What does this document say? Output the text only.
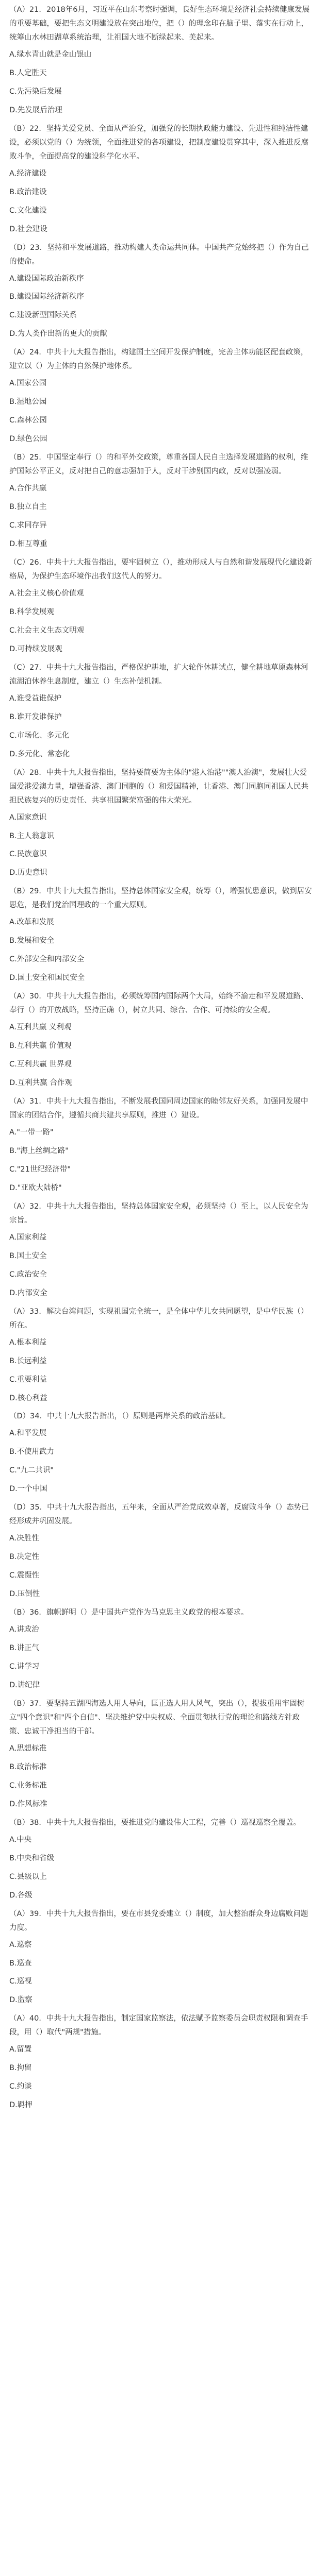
（A）21．2018年6月，习近平在山东考察时强调，良好生态环境是经济社会持续健康发展的重要基础，要把生态文明建设放在突出地位，把（）的理念印在脑子里、落实在行动上，统筹山水林田湖草系统治理，让祖国大地不断绿起来、美起来。

A.绿水青山就是金山银山

B.人定胜天

C.先污染后发展

D.先发展后治理

（B）22．坚持关爱党员、全面从严治党，加强党的长期执政能力建设、先进性和纯洁性建设，必须以党的（）为统领，全面推进党的各项建设，把制度建设贯穿其中，深入推进反腐败斗争，全面提高党的建设科学化水平。

A.经济建设

B.政治建设

C.文化建设

D.社会建设

（D）23．坚持和平发展道路，推动构建人类命运共同体。中国共产党始终把（）作为自己的使命。

A.建设国际政治新秩序

B.建设国际经济新秩序

C.建设新型国际关系

D.为人类作出新的更大的贡献

（A）24．中共十九大报告指出，构建国土空间开发保护制度，完善主体功能区配套政策，建立以（）为主体的自然保护地体系。

A.国家公园

B.湿地公园

C.森林公园

D.绿色公园

（B）25．中国坚定奉行（）的和平外交政策，尊重各国人民自主选择发展道路的权利，维护国际公平正义，反对把自己的意志强加于人，反对干涉别国内政，反对以强凌弱。

A.合作共赢

B.独立自主

C.求同存异

D.相互尊重

（C）26．中共十九大报告指出，要牢固树立（），推动形成人与自然和谐发展现代化建设新格局，为保护生态环境作出我们这代人的努力。

A.社会主义核心价值观

B.科学发展观

C.社会主义生态文明观

D.可持续发展观

（C）27．中共十九大报告指出，严格保护耕地，扩大轮作休耕试点，健全耕地草原森林河流湖泊休养生息制度，建立（）生态补偿机制。

A.谁受益谁保护

B.谁开发谁保护

C.市场化、多元化

D.多元化、常态化

（A）28．中共十九大报告指出，坚持要简要为主体的"港人治港""澳人治澳"，发展壮大爱国爱港爱澳力量，增强香港、澳门同胞的（）和爱国精神，让香港、澳门同胞同祖国人民共担民族复兴的历史责任、共享祖国繁荣富强的伟大荣光。

A.国家意识

B.主人翁意识

C.民族意识

D.历史意识

（B）29．中共十九大报告指出，坚持总体国家安全观，统筹（），增强忧患意识，做到居安思危，是我们党治国理政的一个重大原则。

A.改革和发展

B.发展和安全

C.外部安全和内部安全

D.国土安全和国民安全

（A）30．中共十九大报告指出，必须统筹国内国际两个大局，始终不渝走和平发展道路、奉行（）的开放战略，坚持正确（），树立共同、综合、合作、可持续的安全观。

A.互利共赢 义利观

B.互利共赢 价值观

C.互利共赢 世界观

D.互利共赢 合作观

（A）31．中共十九大报告指出，不断发展我国同周边国家的睦邻友好关系，加强同发展中国家的团结合作，遵循共商共建共享原则，推进（）建设。

A."一带一路"

B."海上丝绸之路"

C."21世纪经济带"

D."亚欧大陆桥"

（A）32．中共十九大报告指出，坚持总体国家安全观，必须坚持（）至上，以人民安全为宗旨。

A.国家利益

B.国土安全

C.政治安全

D.内部安全

（A）33．解决台湾问题，实现祖国完全统一，是全体中华儿女共同愿望，是中华民族（）所在。

A.根本利益

B.长远利益

C.重要利益

D.核心利益

（D）34．中共十九大报告指出，（）原则是两岸关系的政治基础。

A.和平发展

B.不使用武力

C."九二共识"

D.一个中国

（D）35．中共十九大报告指出，五年来，全面从严治党成效卓著，反腐败斗争（）态势已经形成并巩固发展。

A.决胜性

B.决定性

C.震慑性

D.压倒性

（B）36．旗帜鲜明（）是中国共产党作为马克思主义政党的根本要求。

A.讲政治

B.讲正气

C.讲学习

D.讲纪律

（B）37．要坚持五湖四海选人用人导向，匡正选人用人风气，突出（），提拔重用牢固树立"四个意识"和"四个自信"、坚决维护党中央权威、全面贯彻执行党的理论和路线方针政策、忠诚干净担当的干部。

A.思想标准

B.政治标准

C.业务标准

D.作风标准

（B）38．中共十九大报告指出，要推进党的建设伟大工程，完善（）巡视巡察全覆盖。

A.中央

B.中央和省级

C.县级以上

D.各级

（A）39．中共十九大报告指出，要在市县党委建立（）制度，加大整治群众身边腐败问题力度。

A.巡察

B.巡查

C.巡视

D.监察

（A）40．中共十九大报告指出，制定国家监察法，依法赋予监察委员会职责权限和调查手段，用（）取代"两规"措施。

A.留置

B.拘留

C.约谈

D.羁押
